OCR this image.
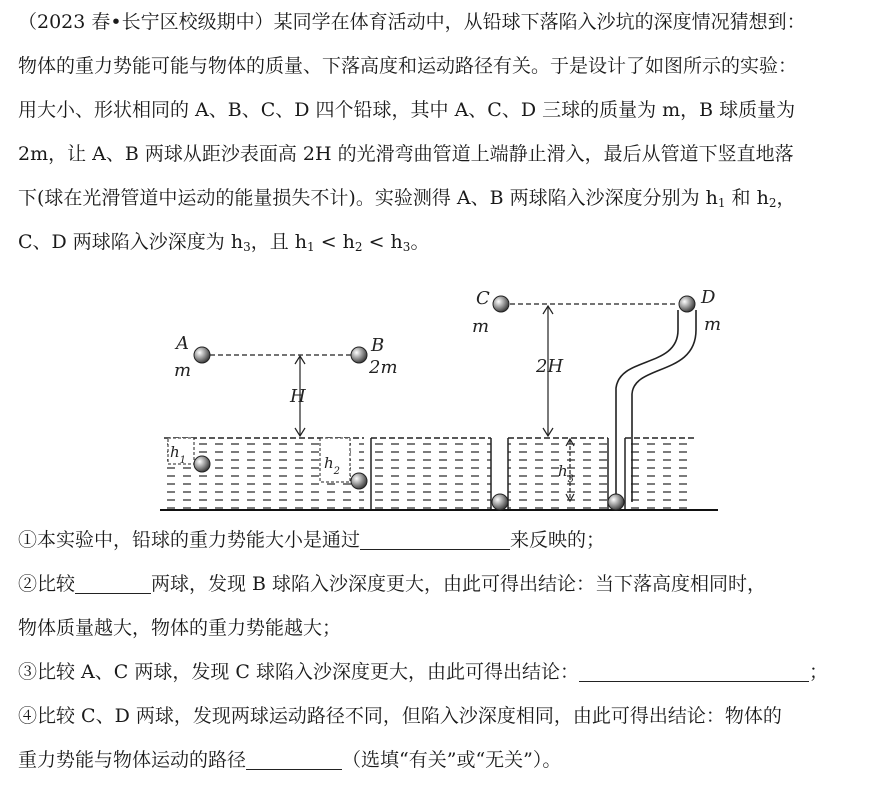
（2023 春•长宁区校级期中）某同学在体育活动中，从铅球下落陷入沙坑的深度情况猜想到：
物体的重力势能可能与物体的质量、下落高度和运动路径有关。于是设计了如图所示的实验：
用大小、形状相同的 A、B、C、D 四个铅球，其中 A、C、D 三球的质量为 m，B 球质量为
2m，让 A、B 两球从距沙表面高 2H 的光滑弯曲管道上端静止滑入，最后从管道下竖直地落
下(球在光滑管道中运动的能量损失不计)。实验测得 A、B 两球陷入沙深度分别为 $h_1$ 和 $h_2$，
C、D 两球陷入沙深度为 $h_3$，且 $h_1 < h_2 < h_3$。
A
m
B
2m
H
$h_1$	$h_2$
C
m
D
m
2H
$h_3$
①本实验中，铅球的重力势能大小是通过	来反映的；
②比较	两球，发现 B 球陷入沙深度更大，由此可得出结论：当下落高度相同时，
物体质量越大，物体的重力势能越大；
③比较 A、C 两球，发现 C 球陷入沙深度更大，由此可得出结论：	；
④比较 C、D 两球，发现两球运动路径不同，但陷入沙深度相同，由此可得出结论：物体的
重力势能与物体运动的路径	（选填“有关”或“无关”）。
